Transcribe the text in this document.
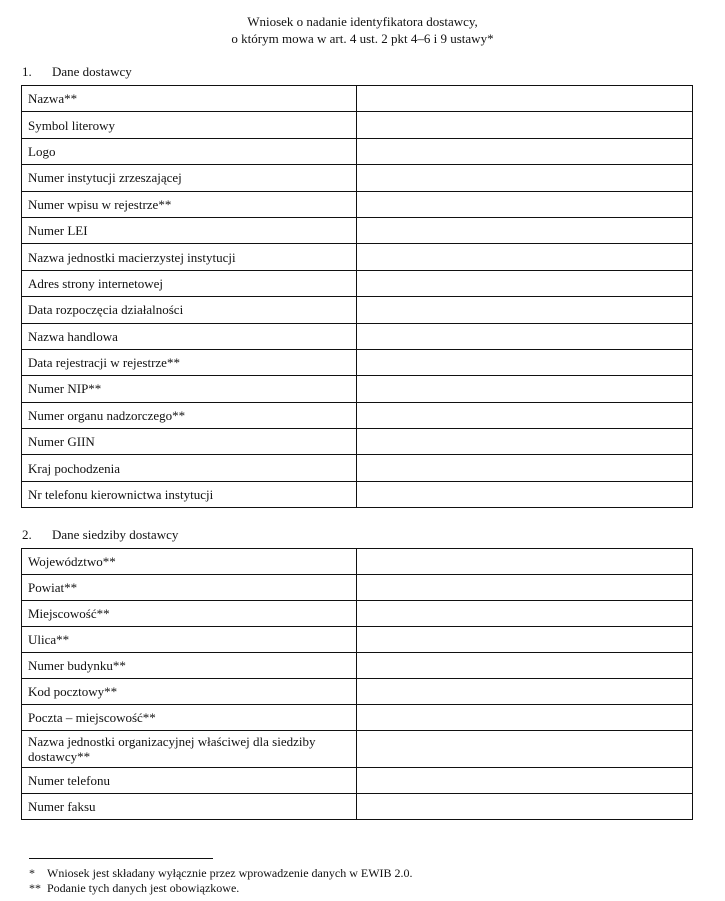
Wniosek o nadanie identyfikatora dostawcy,
o którym mowa w art. 4 ust. 2 pkt 4–6 i 9 ustawy*
1. Dane dostawcy
Nazwa**	
Symbol literowy	
Logo	
Numer instytucji zrzeszającej	
Numer wpisu w rejestrze**	
Numer LEI	
Nazwa jednostki macierzystej instytucji	
Adres strony internetowej	
Data rozpoczęcia działalności	
Nazwa handlowa	
Data rejestracji w rejestrze**	
Numer NIP**	
Numer organu nadzorczego**	
Numer GIIN	
Kraj pochodzenia	
Nr telefonu kierownictwa instytucji	
2. Dane siedziby dostawcy
Województwo**	
Powiat**	
Miejscowość**	
Ulica**	
Numer budynku**	
Kod pocztowy**	
Poczta – miejscowość**	
Nazwa jednostki organizacyjnej właściwej dla siedziby dostawcy**	
Numer telefonu	
Numer faksu	
* Wniosek jest składany wyłącznie przez wprowadzenie danych w EWIB 2.0.
** Podanie tych danych jest obowiązkowe.
